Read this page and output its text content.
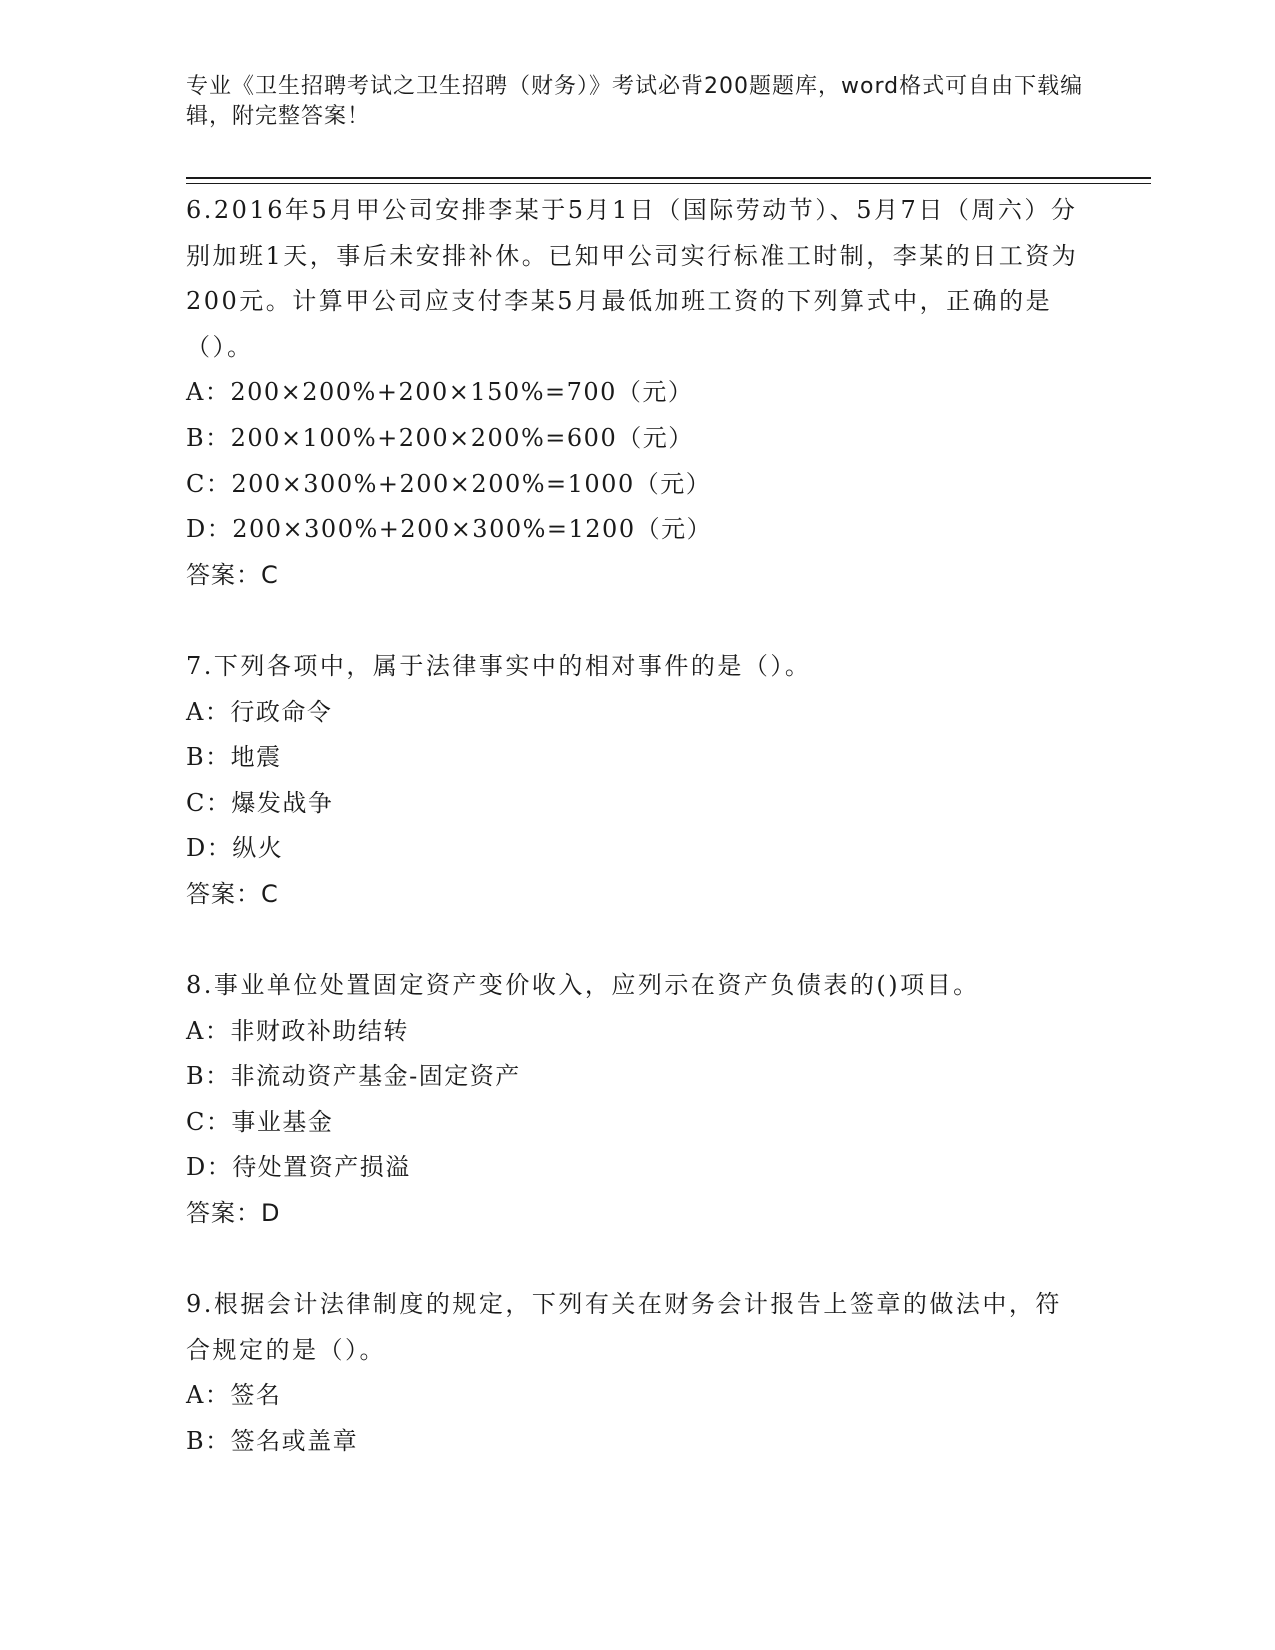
专业《卫生招聘考试之卫生招聘（财务）》考试必背200题题库，word格式可自由下载编辑，附完整答案！
6.2016年5月甲公司安排李某于5月1日（国际劳动节）、5月7日（周六）分别加班1天，事后未安排补休。已知甲公司实行标准工时制，李某的日工资为200元。计算甲公司应支付李某5月最低加班工资的下列算式中，正确的是（）。
A：200×200%+200×150%=700（元）
B：200×100%+200×200%=600（元）
C：200×300%+200×200%=1000（元）
D：200×300%+200×300%=1200（元）
答案：C
7.下列各项中，属于法律事实中的相对事件的是（）。
A：行政命令
B：地震
C：爆发战争
D：纵火
答案：C
8.事业单位处置固定资产变价收入，应列示在资产负债表的()项目。
A：非财政补助结转
B：非流动资产基金-固定资产
C：事业基金
D：待处置资产损溢
答案：D
9.根据会计法律制度的规定，下列有关在财务会计报告上签章的做法中，符合规定的是（）。
A：签名
B：签名或盖章
